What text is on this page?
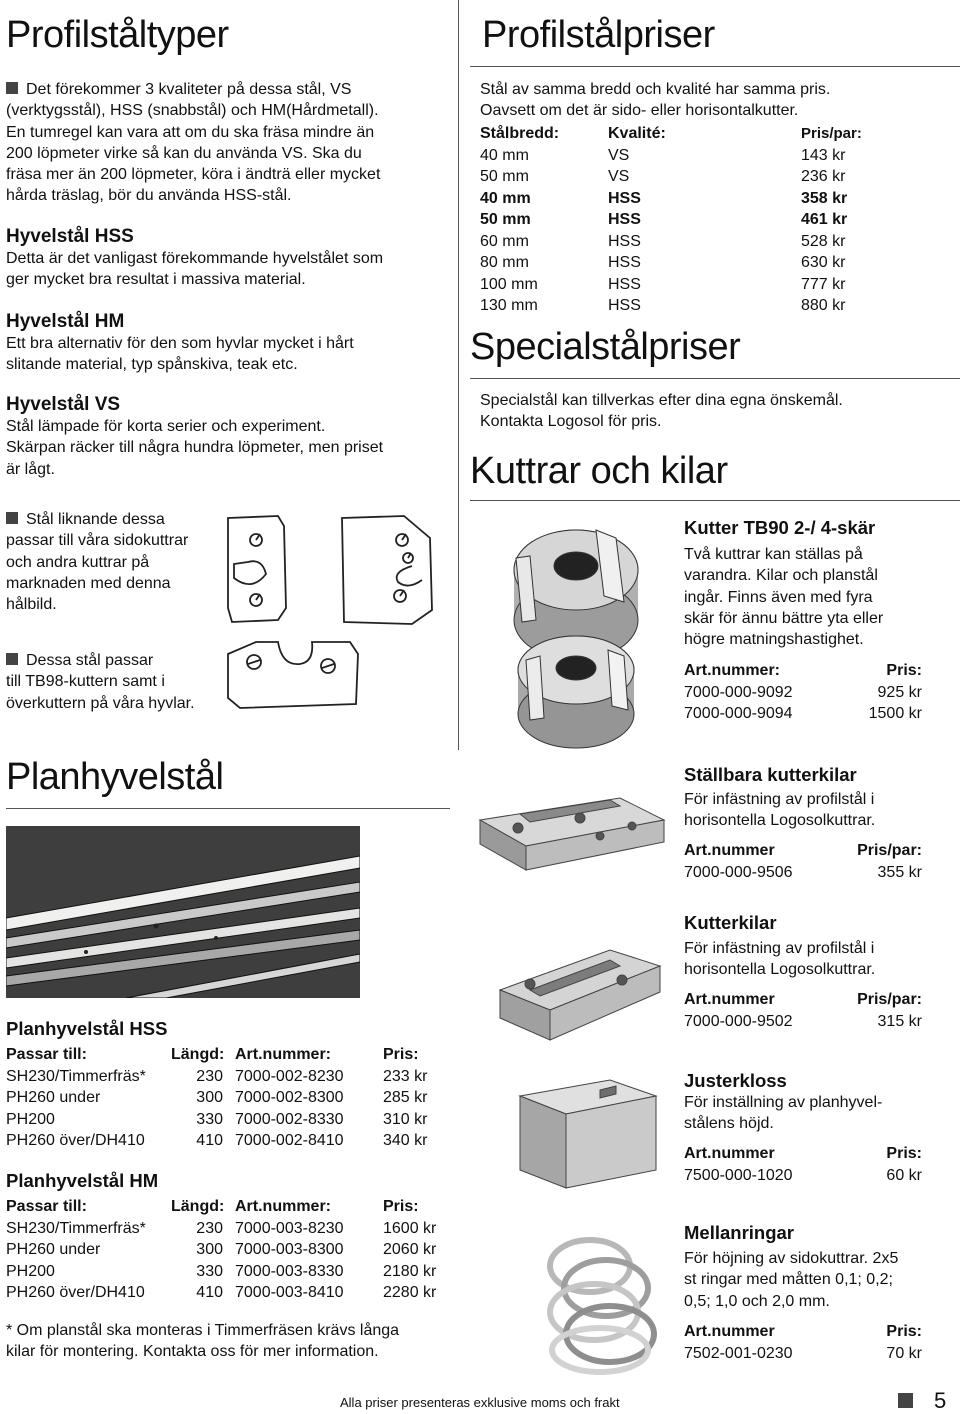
Profilståltyper
Det förekommer 3 kvaliteter på dessa stål, VS
(verktygsstål), HSS (snabbstål) och HM(Hårdmetall).
En tumregel kan vara att om du ska fräsa mindre än
200 löpmeter virke så kan du använda VS. Ska du
fräsa mer än 200 löpmeter, köra i ändträ eller mycket
hårda träslag, bör du använda HSS-stål.
Hyvelstål HSS
Detta är det vanligast förekommande hyvelstålet som
ger mycket bra resultat i massiva material.
Hyvelstål HM
Ett bra alternativ för den som hyvlar mycket i hårt
slitande material, typ spånskiva, teak etc.
Hyvelstål VS
Stål lämpade för korta serier och experiment.
Skärpan räcker till några hundra löpmeter, men priset
är lågt.
Stål liknande dessa
passar till våra sidokuttrar
och andra kuttrar på
marknaden med denna
hålbild.
Dessa stål passar
till TB98-kuttern samt i
överkuttern på våra hyvlar.
Planhyvelstål
Planhyvelstål HSS
Passar till:	Längd:	Art.nummer:	Pris:
SH230/Timmerfräs*	230	7000-002-8230	233 kr
PH260 under	300	7000-002-8300	285 kr
PH200	330	7000-002-8330	310 kr
PH260 över/DH410	410	7000-002-8410	340 kr
Planhyvelstål HM
Passar till:	Längd:	Art.nummer:	Pris:
SH230/Timmerfräs*	230	7000-003-8230	1600 kr
PH260 under	300	7000-003-8300	2060 kr
PH200	330	7000-003-8330	2180 kr
PH260 över/DH410	410	7000-003-8410	2280 kr
* Om planstål ska monteras i Timmerfräsen krävs långa
kilar för montering. Kontakta oss för mer information.
Profilstålpriser
Stål av samma bredd och kvalité har samma pris.
Oavsett om det är sido- eller horisontalkutter.
Stålbredd:	Kvalité:	Pris/par:
40 mm	VS	143 kr
50 mm	VS	236 kr
40 mm	HSS	358 kr
50 mm	HSS	461 kr
60 mm	HSS	528 kr
80 mm	HSS	630 kr
100 mm	HSS	777 kr
130 mm	HSS	880 kr
Specialstålpriser
Specialstål kan tillverkas efter dina egna önskemål.
Kontakta Logosol för pris.
Kuttrar och kilar
Kutter TB90 2-/ 4-skär
Två kuttrar kan ställas på
varandra. Kilar och planstål
ingår. Finns även med fyra
skär för ännu bättre yta eller
högre matningshastighet.
Art.nummer:	Pris:
7000-000-9092	925 kr
7000-000-9094	1500 kr
Ställbara kutterkilar
För infästning av profilstål i
horisontella Logosolkuttrar.
Art.nummer	Pris/par:
7000-000-9506	355 kr
Kutterkilar
För infästning av profilstål i
horisontella Logosolkuttrar.
Art.nummer	Pris/par:
7000-000-9502	315 kr
Justerkloss
För inställning av planhyvel-
stålens höjd.
Art.nummer	Pris:
7500-000-1020	60 kr
Mellanringar
För höjning av sidokuttrar. 2x5
st ringar med måtten 0,1; 0,2;
0,5; 1,0 och 2,0 mm.
Art.nummer	Pris:
7502-001-0230	70 kr
Alla priser presenteras exklusive moms och frakt	5
